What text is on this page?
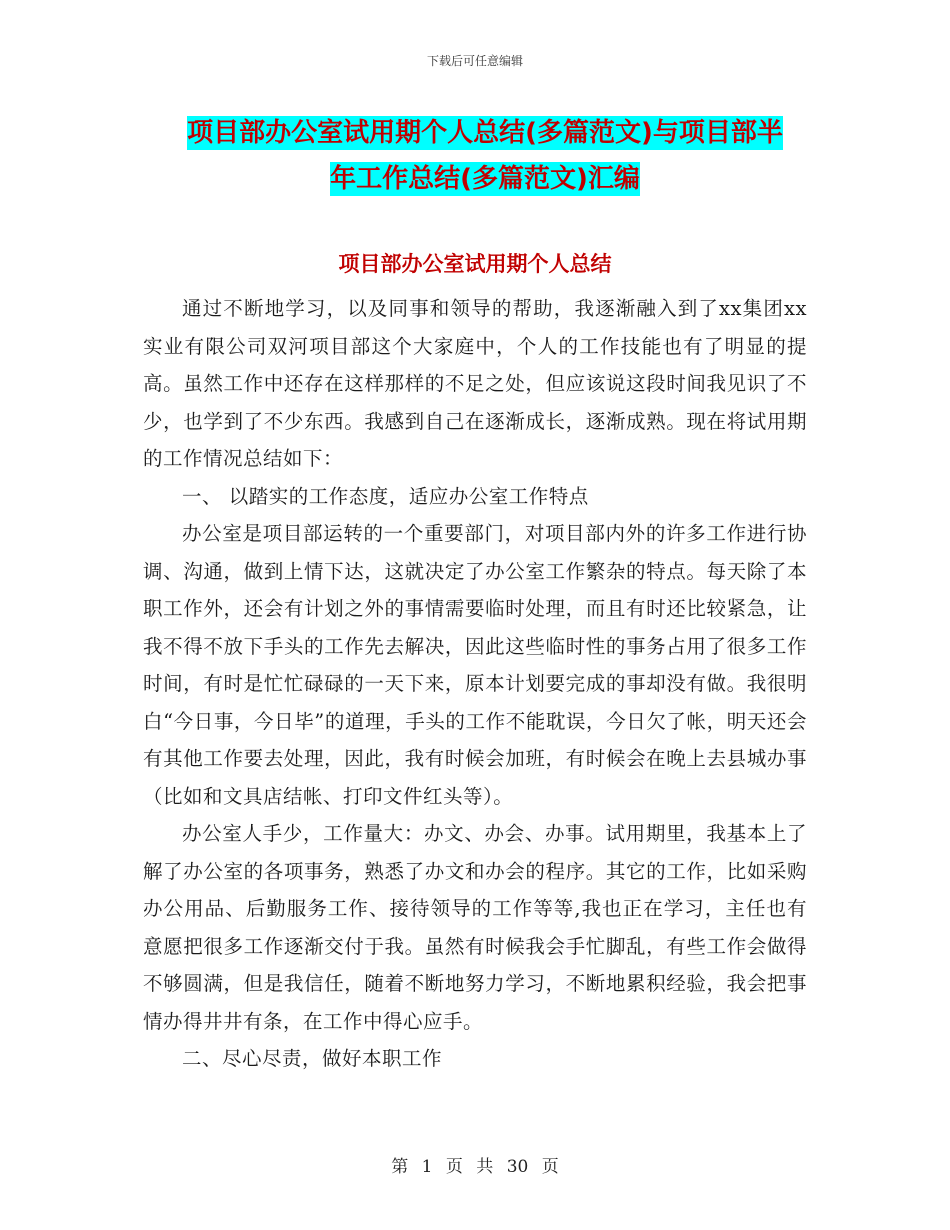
下载后可任意编辑
项目部办公室试用期个人总结(多篇范文)与项目部半
年工作总结(多篇范文)汇编
项目部办公室试用期个人总结

通过不断地学习，以及同事和领导的帮助，我逐渐融入到了xx集团xx实业有限公司双河项目部这个大家庭中，个人的工作技能也有了明显的提高。虽然工作中还存在这样那样的不足之处，但应该说这段时间我见识了不少，也学到了不少东西。我感到自己在逐渐成长，逐渐成熟。现在将试用期的工作情况总结如下：

一、 以踏实的工作态度，适应办公室工作特点

办公室是项目部运转的一个重要部门，对项目部内外的许多工作进行协调、沟通，做到上情下达，这就决定了办公室工作繁杂的特点。每天除了本职工作外，还会有计划之外的事情需要临时处理，而且有时还比较紧急，让我不得不放下手头的工作先去解决，因此这些临时性的事务占用了很多工作时间，有时是忙忙碌碌的一天下来，原本计划要完成的事却没有做。我很明白“今日事，今日毕”的道理，手头的工作不能耽误，今日欠了帐，明天还会有其他工作要去处理，因此，我有时候会加班，有时候会在晚上去县城办事（比如和文具店结帐、打印文件红头等）。

办公室人手少，工作量大：办文、办会、办事。试用期里，我基本上了解了办公室的各项事务，熟悉了办文和办会的程序。其它的工作，比如采购办公用品、后勤服务工作、接待领导的工作等等,我也正在学习，主任也有意愿把很多工作逐渐交付于我。虽然有时候我会手忙脚乱，有些工作会做得不够圆满，但是我信任，随着不断地努力学习，不断地累积经验，我会把事情办得井井有条，在工作中得心应手。

二、尽心尽责，做好本职工作

第 1 页 共 30 页
